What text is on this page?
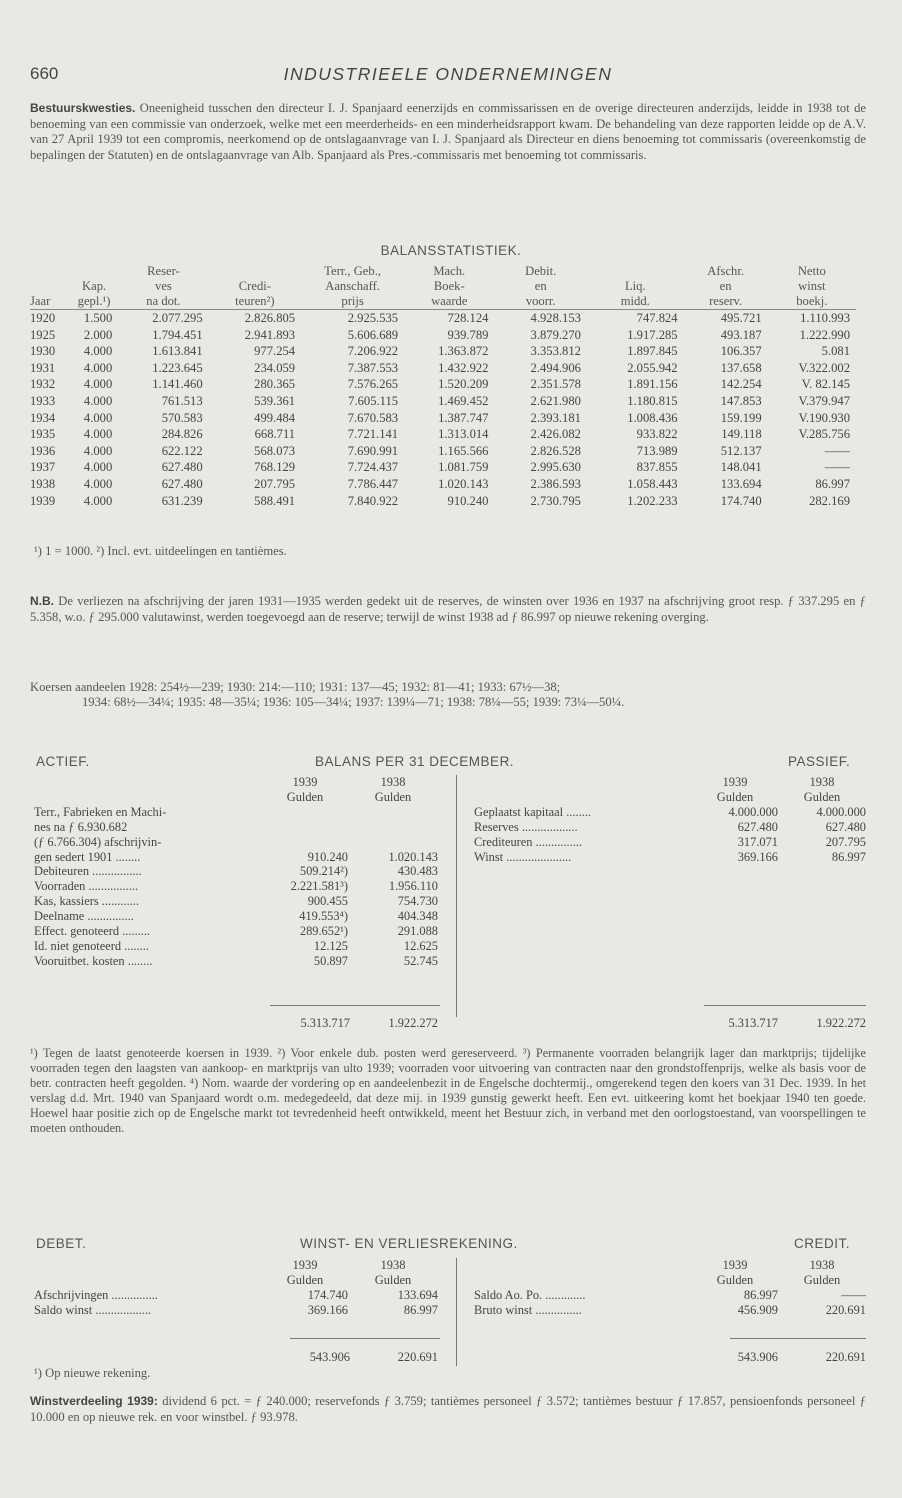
660	INDUSTRIEELE ONDERNEMINGEN
Bestuurskwesties. Oneenigheid tusschen den directeur I. J. Spanjaard eenerzijds en commissarissen en de overige directeuren anderzijds, leidde in 1938 tot de benoeming van een commissie van onderzoek, welke met een meerderheids- en een minderheidsrapport kwam. De behandeling van deze rapporten leidde op de A.V. van 27 April 1939 tot een compromis, neerkomend op de ontslagaanvrage van I. J. Spanjaard als Directeur en diens benoeming tot commissaris (overeenkomstig de bepalingen der Statuten) en de ontslagaanvrage van Alb. Spanjaard als Pres.-commissaris met benoeming tot commissaris.
BALANSSTATISTIEK.
		Reser-		Terr., Geb.,	Mach.	Debit.		Afschr.	Netto
	Kap.	ves	Credi-	Aanschaff.	Boek-	en	Liq.	en	winst
Jaar	gepl.¹)	na dot.	teuren²)	prijs	waarde	voorr.	midd.	reserv.	boekj.
1920	1.500	2.077.295	2.826.805	2.925.535	728.124	4.928.153	747.824	495.721	1.110.993
1925	2.000	1.794.451	2.941.893	5.606.689	939.789	3.879.270	1.917.285	493.187	1.222.990
1930	4.000	1.613.841	977.254	7.206.922	1.363.872	3.353.812	1.897.845	106.357	5.081
1931	4.000	1.223.645	234.059	7.387.553	1.432.922	2.494.906	2.055.942	137.658	V.322.002
1932	4.000	1.141.460	280.365	7.576.265	1.520.209	2.351.578	1.891.156	142.254	V. 82.145
1933	4.000	761.513	539.361	7.605.115	1.469.452	2.621.980	1.180.815	147.853	V.379.947
1934	4.000	570.583	499.484	7.670.583	1.387.747	2.393.181	1.008.436	159.199	V.190.930
1935	4.000	284.826	668.711	7.721.141	1.313.014	2.426.082	933.822	149.118	V.285.756
1936	4.000	622.122	568.073	7.690.991	1.165.566	2.826.528	713.989	512.137	——
1937	4.000	627.480	768.129	7.724.437	1.081.759	2.995.630	837.855	148.041	——
1938	4.000	627.480	207.795	7.786.447	1.020.143	2.386.593	1.058.443	133.694	86.997
1939	4.000	631.239	588.491	7.840.922	910.240	2.730.795	1.202.233	174.740	282.169
¹) 1 = 1000. ²) Incl. evt. uitdeelingen en tantièmes.
N.B. De verliezen na afschrijving der jaren 1931—1935 werden gedekt uit de reserves, de winsten over 1936 en 1937 na afschrijving groot resp. ƒ 337.295 en ƒ 5.358, w.o. ƒ 295.000 valutawinst, werden toegevoegd aan de reserve; terwijl de winst 1938 ad ƒ 86.997 op nieuwe rekening overging.
Koersen aandeelen 1928: 254½—239; 1930: 214:—110; 1931: 137—45; 1932: 81—41; 1933: 67½—38;
1934: 68½—34¼; 1935: 48—35¼; 1936: 105—34¼; 1937: 139¼—71; 1938: 78¼—55; 1939: 73¼—50¼.
ACTIEF.	BALANS PER 31 DECEMBER.	PASSIEF.
	1939	1938
	Gulden	Gulden
Terr., Fabrieken en Machi-		
nes na ƒ 6.930.682		
(ƒ 6.766.304) afschrijvin-		
gen sedert 1901 ........	910.240	1.020.143
Debiteuren ................	509.214²)	430.483
Voorraden ................	2.221.581³)	1.956.110
Kas, kassiers ............	900.455	754.730
Deelname ...............	419.553⁴)	404.348
Effect. genoteerd .........	289.652¹)	291.088
Id. niet genoteerd ........	12.125	12.625
Vooruitbet. kosten ........	50.897	52.745
	1939	1938
	Gulden	Gulden
Geplaatst kapitaal ........	4.000.000	4.000.000
Reserves ..................	627.480	627.480
Crediteuren ...............	317.071	207.795
Winst .....................	369.166	86.997
5.313.717	1.922.272	5.313.717	1.922.272
¹) Tegen de laatst genoteerde koersen in 1939. ²) Voor enkele dub. posten werd gereserveerd. ³) Permanente voorraden belangrijk lager dan marktprijs; tijdelijke voorraden tegen den laagsten van aankoop- en marktprijs van ulto 1939; voorraden voor uitvoering van contracten naar den grondstoffenprijs, welke als basis voor de betr. contracten heeft gegolden. ⁴) Nom. waarde der vordering op en aandeelenbezit in de Engelsche dochtermij., omgerekend tegen den koers van 31 Dec. 1939. In het verslag d.d. Mrt. 1940 van Spanjaard wordt o.m. medegedeeld, dat deze mij. in 1939 gunstig gewerkt heeft. Een evt. uitkeering komt het boekjaar 1940 ten goede. Hoewel haar positie zich op de Engelsche markt tot tevredenheid heeft ontwikkeld, meent het Bestuur zich, in verband met den oorlogstoestand, van voorspellingen te moeten onthouden.
DEBET.	WINST- EN VERLIESREKENING.	CREDIT.
	1939	1938
	Gulden	Gulden
Afschrijvingen ...............	174.740	133.694
Saldo winst ..................	369.166	86.997
	1939	1938
	Gulden	Gulden
Saldo Ao. Po. .............	86.997	——
Bruto winst ...............	456.909	220.691
543.906	220.691	543.906	220.691
¹) Op nieuwe rekening.
Winstverdeeling 1939: dividend 6 pct. = ƒ 240.000; reservefonds ƒ 3.759; tantièmes personeel ƒ 3.572; tantièmes bestuur ƒ 17.857, pensioenfonds personeel ƒ 10.000 en op nieuwe rek. en voor winstbel. ƒ 93.978.
